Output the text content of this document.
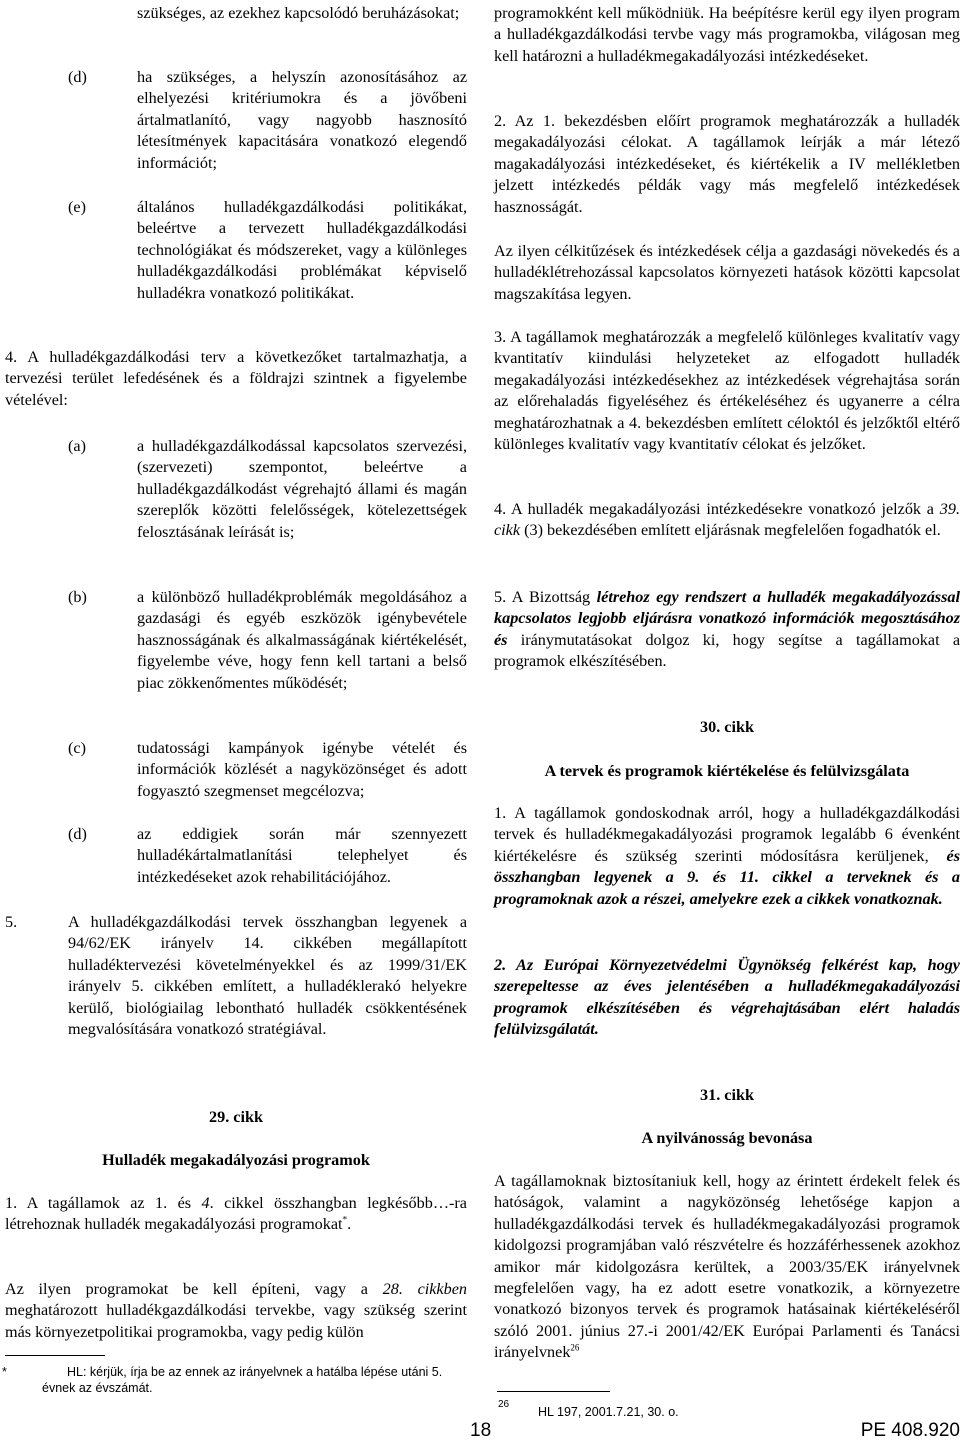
szükséges, az ezekhez kapcsolódó beruházásokat;
(d)	ha szükséges, a helyszín azonosításához az elhelyezési kritériumokra és a jövőbeni ártalmatlanító, vagy nagyobb hasznosító létesítmények kapacitására vonatkozó elegendő információt;
(e)	általános hulladékgazdálkodási politikákat, beleértve a tervezett hulladékgazdálkodási technológiákat és módszereket, vagy a különleges hulladékgazdálkodási problémákat képviselő hulladékra vonatkozó politikákat.
4. A hulladékgazdálkodási terv a következőket tartalmazhatja, a tervezési terület lefedésének és a földrajzi szintnek a figyelembe vételével:
(a)	a hulladékgazdálkodással kapcsolatos szervezési, (szervezeti) szempontot, beleértve a hulladékgazdálkodást végrehajtó állami és magán szereplők közötti felelősségek, kötelezettségek felosztásának leírását is;
(b)	a különböző hulladékproblémák megoldásához a gazdasági és egyéb eszközök igénybevétele hasznosságának és alkalmasságának kiértékelését, figyelembe véve, hogy fenn kell tartani a belső piac zökkenőmentes működését;
(c)	tudatossági kampányok igénybe vételét és információk közlését a nagyközönséget és adott fogyasztó szegmenset megcélozva;
(d)	az eddigiek során már szennyezett hulladékártalmatlanítási telephelyet és intézkedéseket azok rehabilitációjához.
5.	A hulladékgazdálkodási tervek összhangban legyenek a 94/62/EK irányelv 14. cikkében megállapított hulladéktervezési követelményekkel és az 1999/31/EK irányelv 5. cikkében említett, a hulladéklerakó helyekre kerülő, biológiailag lebontható hulladék csökkentésének megvalósítására vonatkozó stratégiával.
29. cikk
Hulladék megakadályozási programok
1. A tagállamok az 1. és 4. cikkel összhangban legkésőbb…-ra létrehoznak hulladék megakadályozási programokat*.
Az ilyen programokat be kell építeni, vagy a 28. cikkben meghatározott hulladékgazdálkodási tervekbe, vagy szükség szerint más környezetpolitikai programokba, vagy pedig külön
*	HL: kérjük, írja be az ennek az irányelvnek a hatálba lépése utáni 5. évnek az évszámát.
18
programokként kell működniük. Ha beépítésre kerül egy ilyen program a hulladékgazdálkodási tervbe vagy más programokba, világosan meg kell határozni a hulladékmegakadályozási intézkedéseket.
2. Az 1. bekezdésben előírt programok meghatározzák a hulladék megakadályozási célokat. A tagállamok leírják a már létező magakadályozási intézkedéseket, és kiértékelik a IV mellékletben jelzett intézkedés példák vagy más megfelelő intézkedések hasznosságát.
Az ilyen célkitűzések és intézkedések célja a gazdasági növekedés és a hulladéklétrehozással kapcsolatos környezeti hatások közötti kapcsolat magszakítása legyen.
3. A tagállamok meghatározzák a megfelelő különleges kvalitatív vagy kvantitatív kiindulási helyzeteket az elfogadott hulladék megakadályozási intézkedésekhez az intézkedések végrehajtása során az előrehaladás figyeléséhez és értékeléséhez és ugyanerre a célra meghatározhatnak a 4. bekezdésben említett céloktól és jelzőktől eltérő különleges kvalitatív vagy kvantitatív célokat és jelzőket.
4. A hulladék megakadályozási intézkedésekre vonatkozó jelzők a 39. cikk (3) bekezdésében említett eljárásnak megfelelően fogadhatók el.
5. A Bizottság létrehoz egy rendszert a hulladék megakadályozással kapcsolatos legjobb eljárásra vonatkozó információk megosztásához és iránymutatásokat dolgoz ki, hogy segítse a tagállamokat a programok elkészítésében.
30. cikk
A tervek és programok kiértékelése és felülvizsgálata
1. A tagállamok gondoskodnak arról, hogy a hulladékgazdálkodási tervek és hulladékmegakadályozási programok legalább 6 évenként kiértékelésre és szükség szerinti módosításra kerüljenek, és összhangban legyenek a 9. és 11. cikkel a terveknek és a programoknak azok a részei, amelyekre ezek a cikkek vonatkoznak.
2. Az Európai Környezetvédelmi Ügynökség felkérést kap, hogy szerepeltesse az éves jelentésében a hulladékmegakadályozási programok elkészítésében és végrehajtásában elért haladás felülvizsgálatát.
31. cikk
A nyilvánosság bevonása
A tagállamoknak biztosítaniuk kell, hogy az érintett érdekelt felek és hatóságok, valamint a nagyközönség lehetősége kapjon a hulladékgazdálkodási tervek és hulladékmegakadályozási programok kidolgozsi programjában való részvételre és hozzáférhessenek azokhoz amikor már kidolgozásra kerültek, a 2003/35/EK irányelvnek megfelelően vagy, ha ez adott esetre vonatkozik, a környezetre vonatkozó bizonyos tervek és programok hatásainak kiértékeléséről szóló 2001. június 27.-i 2001/42/EK Európai Parlamenti és Tanácsi irányelvnek$^{26}$
26
HL 197, 2001.7.21, 30. o.
PE 408.920
